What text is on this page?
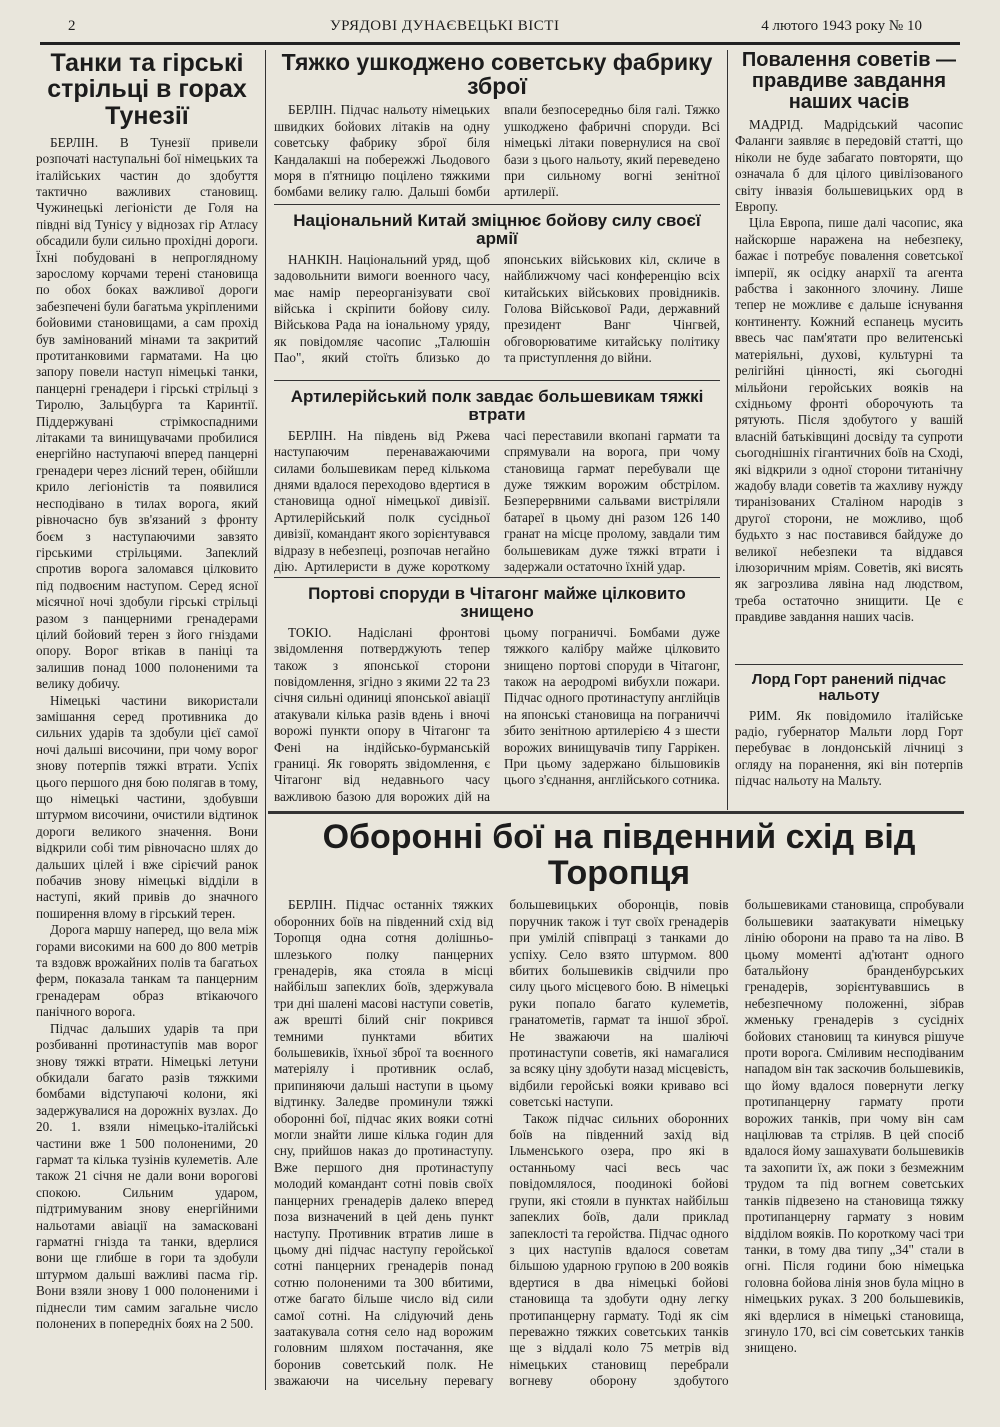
2	УРЯДОВІ ДУНАЄВЕЦЬКІ ВІСТІ	4 лютого 1943 року № 10
Танки та гірські стрільці в горах Тунезії

БЕРЛІН. В Тунезії привели розпочаті наступальні бої німецьких та італійських частин до здобуття тактично важливих становищ. Чужинецькі легіоністи де Голя на півдні від Тунісу у віднозах гір Атласу обсадили були сильно прохідні дороги. Їхні побудовані в непроглядному зарослому корчами терені становища по обох боках важливої дороги забезпечені були багатьма укріпленими бойовими становищами, а сам прохід був замінований мінами та закритий протитанковими гарматами. На цю запору повели наступ німецькі танки, панцерні гренадери і гірські стрільці з Тиролю, Зальцбурга та Каринтії. Піддержувані стрімкоспадними літаками та винищувачами пробилися енергійно наступаючі вперед панцерні гренадери через лісний терен, обійшли крило легіоністів та появилися несподівано в тилах ворога, який рівночасно був зв'язаний з фронту боєм з наступаючими завзято гірськими стрільцями. Запеклий спротив ворога заломався цілковито під подвоєним наступом. Серед ясної місячної ночі здобули гірські стрільці разом з панцерними гренадерами цілий бойовий терен з його гніздами опору. Ворог втікав в паніці та залишив понад 1000 полоненими та велику добичу.

Німецькі частини використали замішання серед противника до сильних ударів та здобули цієї самої ночі дальші височини, при чому ворог знову потерпів тяжкі втрати. Успіх цього першого дня бою полягав в тому, що німецькі частини, здобувши штурмом височини, очистили відтинок дороги великого значення. Вони відкрили собі тим рівночасно шлях до дальших цілей і вже сірієчий ранок побачив знову німецькі відділи в наступі, який привів до значного поширення вломy в гірський терен.

Дорога маршу наперед, що вела між горами високими на 600 до 800 метрів та вздовж врожайних полів та багатьох ферм, показала танкам та панцерним гренадерам образ втікаючого панічного ворога.

Підчас дальших ударів та при розбиванні протинаступів мав ворог знову тяжкі втрати. Німецькі летуни обкидали багато разів тяжкими бомбами відступаючі колони, які задержувалися на дорожніх вузлах. До 20. 1. взяли німецько-італійські частини вже 1 500 полоненими, 20 гармат та кілька тузінів кулеметів. Але також 21 січня не дали вони ворогові спокою. Сильним ударом, підтримуваним знову енергійними нальотами авіації на замасковані гарматні гнізда та танки, вдерлися вони ще глибше в гори та здобули штурмом дальші важливі пасма гір. Вони взяли знову 1 000 полоненими і піднесли тим самим загальне число полонених в попередніх боях на 2 500.

Тяжко ушкоджено советську фабрику зброї

БЕРЛІН. Підчас нальоту німецьких швидких бойових літаків на одну советську фабрику зброї біля Кандалакші на побережжі Льодового моря в п'ятницю поцілено тяжкими бомбами велику галю. Дальші бомби впали безпосередньо біля галі. Тяжко ушкоджено фабричні споруди. Всі німецькі літаки повернулися на свої бази з цього нальоту, який переведено при сильному вогні зенітної артилерії.

Національний Китай зміцнює бойову силу своєї армії

НАНКІН. Національний уряд, щоб задовольнити вимоги военного часу, має намір переорганізувати свої війська і скріпити бойову силу. Військова Рада на іональному уряду, як повідомляє часопис „Талюшін Пао", який стоїть близько до японських військових кіл, скличе в найближчому часі конференцію всіх китайських військових провідників. Голова Військової Ради, державний президент Ванг Чінгвей, обговорюватиме китайську політику та приступлення до війни.

Артилерійський полк завдає большевикам тяжкі втрати

БЕРЛІН. На південь від Ржева наступаючим перенаважаючими силами большевикам перед кількома днями вдалося переходово вдертися в становища одної німецької дивізії. Артилерійський полк сусідньої дивізії, командант якого зорієнтувався відразу в небезпеці, розпочав негайно дію. Артилеристи в дуже короткому часі переставили вкопані гармати та спрямували на ворога, при чому становища гармат перебували ще дуже тяжким ворожим обстрілом. Безперервними сальвами вистріляли батареї в цьому дні разом 126 140 гранат на місце пролому, завдали тим большевикам дуже тяжкі втрати і задержали остаточно їхній удар.

Портові споруди в Чітагонг майже цілковито знищено

ТОКІО. Надіслані фронтові звідомлення потверджують тепер також з японської сторони повідомлення, згідно з якими 22 та 23 січня сильні одиниці японської авіації атакували кілька разів вдень і вночі ворожі пункти опору в Чітагонг та Фені на індійсько-бурманській границі. Як говорять звідомлення, є Чітагонг від недавнього часу важливою базою для ворожих дій на цьому пограниччі. Бомбами дуже тяжкого калібру майже цілковито знищено портові споруди в Чітагонг, також на аеродромі вибухли пожари. Підчас одного протинаступу англійців на японські становища на пограниччі збито зенітною артилерією 4 з шести ворожих винищувачів типу Гаррікен. При цьому задержано більшовиків цього з'єднання, англійського сотника.

Повалення советів —правдиве завдання наших часів

МАДРІД. Мадрідський часопис Фаланги заявляє в передовій статті, що ніколи не буде забагато повторяти, що означала б для цілого цивілізованого світу інвазія большевицьких орд в Европу.

Ціла Европа, пише далі часопис, яка найскорше наражена на небезпеку, бажає і потребує повалення советської імперії, як осідку анархії та агента рабства і законного злочину. Лише тепер не можливе є дальше існування континенту. Кожний еспанець мусить ввесь час пам'ятати про велитенські матеріяльні, духові, культурні та релігійні цінності, які сьогодні мільйони геройських вояків на східньому фронті оборочують та рятують. Після здобутого у вашій власній батьківщині досвіду та супроти сьогоднішніх гігантичних боїв на Сході, які відкрили з одної сторони титанічну жадобу влади советів та жахливу нужду тиранізованих Сталіном народів з другої сторони, не можливо, щоб будьхто з нас поставився байдуже до великої небезпеки та віддався ілюзоричним мріям. Советів, які висять як загрозлива лявіна над людством, треба остаточно знищити. Це є правдиве завдання наших часів.

Лорд Горт ранений підчас нальоту

РИМ. Як повідомило італійське радіо, губернатор Мальти лорд Горт перебуває в лондонській лічниці з огляду на поранення, які він потерпів підчас нальоту на Мальту.

Оборонні бої на південний схід від Торопця

БЕРЛІН. Підчас останніх тяжких оборонних боїв на південний схід від Торопця одна сотня долішньо-шлезького полку панцерних гренадерів, яка стояла в місці найбільш запеклих боїв, здержувала три дні шалені масові наступи советів, аж врешті білий сніг покрився темними пунктами вбитих большевиків, їхньої зброї та воєнного матеріялу і противник ослаб, припиняючи дальші наступи в цьому відтинку. Заледве проминули тяжкі оборонні бої, підчас яких вояки сотні могли знайти лише кілька годин для сну, прийшов наказ до протинаступу. Вже першого дня протинаступу молодий командант сотні повів своїх панцерних гренадерів далеко вперед поза визначений в цей день пункт наступу. Противник втратив лише в цьому дні підчас наступу геройської сотні панцерних гренадерів понад сотню полоненими та 300 вбитими, отже багато більше число від сили самої сотні. На слідуючий день заатакувала сотня село над ворожим головним шляхом постачання, яке боронив советський полк. Не зважаючи на чисельну перевагу большевицьких оборонців, повів поручник також і тут своїх гренадерів при умілій співпраці з танками до успіху. Село взято штурмом. 800 вбитих большевиків свідчили про силу цього місцевого бою. В німецькі руки попало багато кулеметів, гранатометів, гармат та іншої зброї. Не зважаючи на шаліючі протинаступи советів, які намагалися за всяку ціну здобути назад місцевість, відбили геройські вояки криваво всі советські наступи.

Також підчас сильних оборонних боїв на південний захід від Ільменського озера, про які в останньому часі весь час повідомлялося, поодинокі бойові групи, які стояли в пунктах найбільш запеклих боїв, дали приклад запеклості та геройства. Підчас одного з цих наступів вдалося советам більшою ударною групою в 200 вояків вдертися в два німецькі бойові становища та здобути одну легку протипанцерну гармату. Тоді як сім переважно тяжких советських танків ще з віддалі коло 75 метрів від німецьких становищ перебрали вогневу оборону здобутого большевиками становища, спробували большевики заатакувати німецьку лінію оборони на право та на ліво. В цьому моменті ад'ютант одного батальйону бранденбурських гренадерів, зорієнтувавшись в небезпечному положенні, зібрав жменьку гренадерів з сусідніх бойових становищ та кинувся рішуче проти ворога. Сміливим несподіваним нападом він так заскочив большевиків, що йому вдалося повернути легку протипанцерну гармату проти ворожих танків, при чому він сам націлював та стріляв. В цей спосіб вдалося йому зашахувати большевиків та захопити їх, аж поки з безмежним трудом та під вогнем советських танків підвезено на становища тяжку протипанцерну гармату з новим відділом вояків. По короткому часі три танки, в тому два типу „34" стали в огні. Після години бою німецька головна бойова лінія знов була міцно в німецьких руках. З 200 большевиків, які вдерлися в німецькі становища, згинуло 170, всі сім советських танків знищено.
